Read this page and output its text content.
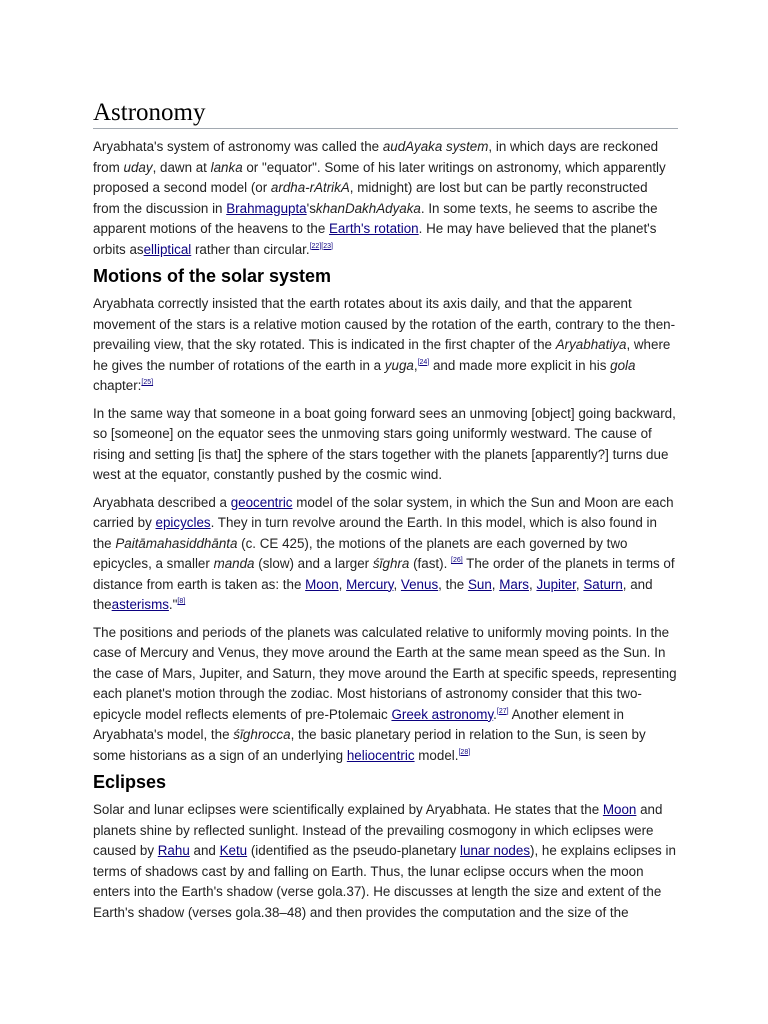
Astronomy

Aryabhata's system of astronomy was called the audAyaka system, in which days are reckoned from uday, dawn at lanka or "equator". Some of his later writings on astronomy, which apparently proposed a second model (or ardha-rAtrikA, midnight) are lost but can be partly reconstructed from the discussion in Brahmagupta'skhanDakhAdyaka. In some texts, he seems to ascribe the apparent motions of the heavens to the Earth's rotation. He may have believed that the planet's orbits aselliptical rather than circular.[22][23]

Motions of the solar system

Aryabhata correctly insisted that the earth rotates about its axis daily, and that the apparent movement of the stars is a relative motion caused by the rotation of the earth, contrary to the then-prevailing view, that the sky rotated. This is indicated in the first chapter of the Aryabhatiya, where he gives the number of rotations of the earth in a yuga,[24] and made more explicit in his gola chapter:[25]

In the same way that someone in a boat going forward sees an unmoving [object] going backward, so [someone] on the equator sees the unmoving stars going uniformly westward. The cause of rising and setting [is that] the sphere of the stars together with the planets [apparently?] turns due west at the equator, constantly pushed by the cosmic wind.

Aryabhata described a geocentric model of the solar system, in which the Sun and Moon are each carried by epicycles. They in turn revolve around the Earth. In this model, which is also found in the Paitāmahasiddhānta (c. CE 425), the motions of the planets are each governed by two epicycles, a smaller manda (slow) and a larger śīghra (fast). [26] The order of the planets in terms of distance from earth is taken as: the Moon, Mercury, Venus, the Sun, Mars, Jupiter, Saturn, and theasterisms."[8]

The positions and periods of the planets was calculated relative to uniformly moving points. In the case of Mercury and Venus, they move around the Earth at the same mean speed as the Sun. In the case of Mars, Jupiter, and Saturn, they move around the Earth at specific speeds, representing each planet's motion through the zodiac. Most historians of astronomy consider that this two-epicycle model reflects elements of pre-Ptolemaic Greek astronomy.[27] Another element in Aryabhata's model, the śīghrocca, the basic planetary period in relation to the Sun, is seen by some historians as a sign of an underlying heliocentric model.[28]

Eclipses

Solar and lunar eclipses were scientifically explained by Aryabhata. He states that the Moon and planets shine by reflected sunlight. Instead of the prevailing cosmogony in which eclipses were caused by Rahu and Ketu (identified as the pseudo-planetary lunar nodes), he explains eclipses in terms of shadows cast by and falling on Earth. Thus, the lunar eclipse occurs when the moon enters into the Earth's shadow (verse gola.37). He discusses at length the size and extent of the Earth's shadow (verses gola.38–48) and then provides the computation and the size of the
